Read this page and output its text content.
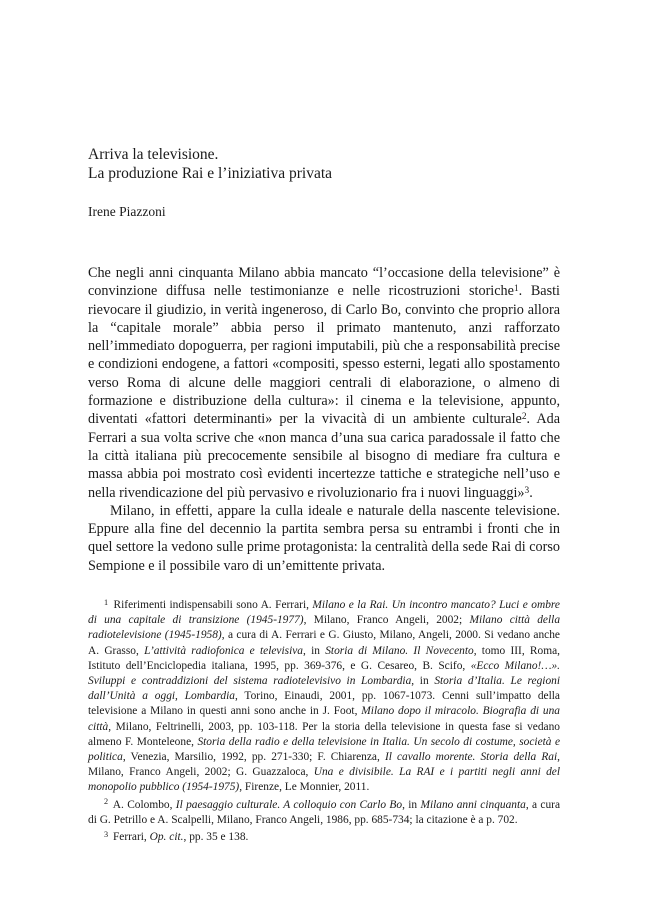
Arriva la televisione.
La produzione Rai e l’iniziativa privata
Irene Piazzoni

Che negli anni cinquanta Milano abbia mancato “l’occasione della televisione” è convinzione diffusa nelle testimonianze e nelle ricostruzioni storiche$^1$. Basti rievocare il giudizio, in verità ingeneroso, di Carlo Bo, convinto che proprio allora la “capitale morale” abbia perso il primato mantenuto, anzi rafforzato nell’immediato dopoguerra, per ragioni imputabili, più che a responsabilità precise e condizioni endogene, a fattori «compositi, spesso esterni, legati allo spostamento verso Roma di alcune delle maggiori centrali di elaborazione, o almeno di formazione e distribuzione della cultura»: il cinema e la televisione, appunto, diventati «fattori determinanti» per la vivacità di un ambiente culturale$^2$. Ada Ferrari a sua volta scrive che «non manca d’una sua carica paradossale il fatto che la città italiana più precocemente sensibile al bisogno di mediare fra cultura e massa abbia poi mostrato così evidenti incertezze tattiche e strategiche nell’uso e nella rivendicazione del più pervasivo e rivoluzionario fra i nuovi linguaggi»$^3$.

Milano, in effetti, appare la culla ideale e naturale della nascente televisione. Eppure alla fine del decennio la partita sembra persa su entrambi i fronti che in quel settore la vedono sulle prime protagonista: la centralità della sede Rai di corso Sempione e il possibile varo di un’emittente privata.

$^1$ Riferimenti indispensabili sono A. Ferrari, Milano e la Rai. Un incontro mancato? Luci e ombre di una capitale di transizione (1945-1977), Milano, Franco Angeli, 2002; Milano città della radiotelevisione (1945-1958), a cura di A. Ferrari e G. Giusto, Milano, Angeli, 2000. Si vedano anche A. Grasso, L’attività radiofonica e televisiva, in Storia di Milano. Il Novecento, tomo III, Roma, Istituto dell’Enciclopedia italiana, 1995, pp. 369-376, e G. Cesareo, B. Scifo, «Ecco Milano!…». Sviluppi e contraddizioni del sistema radiotelevisivo in Lombardia, in Storia d’Italia. Le regioni dall’Unità a oggi, Lombardia, Torino, Einaudi, 2001, pp. 1067-1073. Cenni sull’impatto della televisione a Milano in questi anni sono anche in J. Foot, Milano dopo il miracolo. Biografia di una città, Milano, Feltrinelli, 2003, pp. 103-118. Per la storia della televisione in questa fase si vedano almeno F. Monteleone, Storia della radio e della televisione in Italia. Un secolo di costume, società e politica, Venezia, Marsilio, 1992, pp. 271-330; F. Chiarenza, Il cavallo morente. Storia della Rai, Milano, Franco Angeli, 2002; G. Guazzaloca, Una e divisibile. La RAI e i partiti negli anni del monopolio pubblico (1954-1975), Firenze, Le Monnier, 2011.

$^2$ A. Colombo, Il paesaggio culturale. A colloquio con Carlo Bo, in Milano anni cinquanta, a cura di G. Petrillo e A. Scalpelli, Milano, Franco Angeli, 1986, pp. 685-734; la citazione è a p. 702.

$^3$ Ferrari, Op. cit., pp. 35 e 138.
